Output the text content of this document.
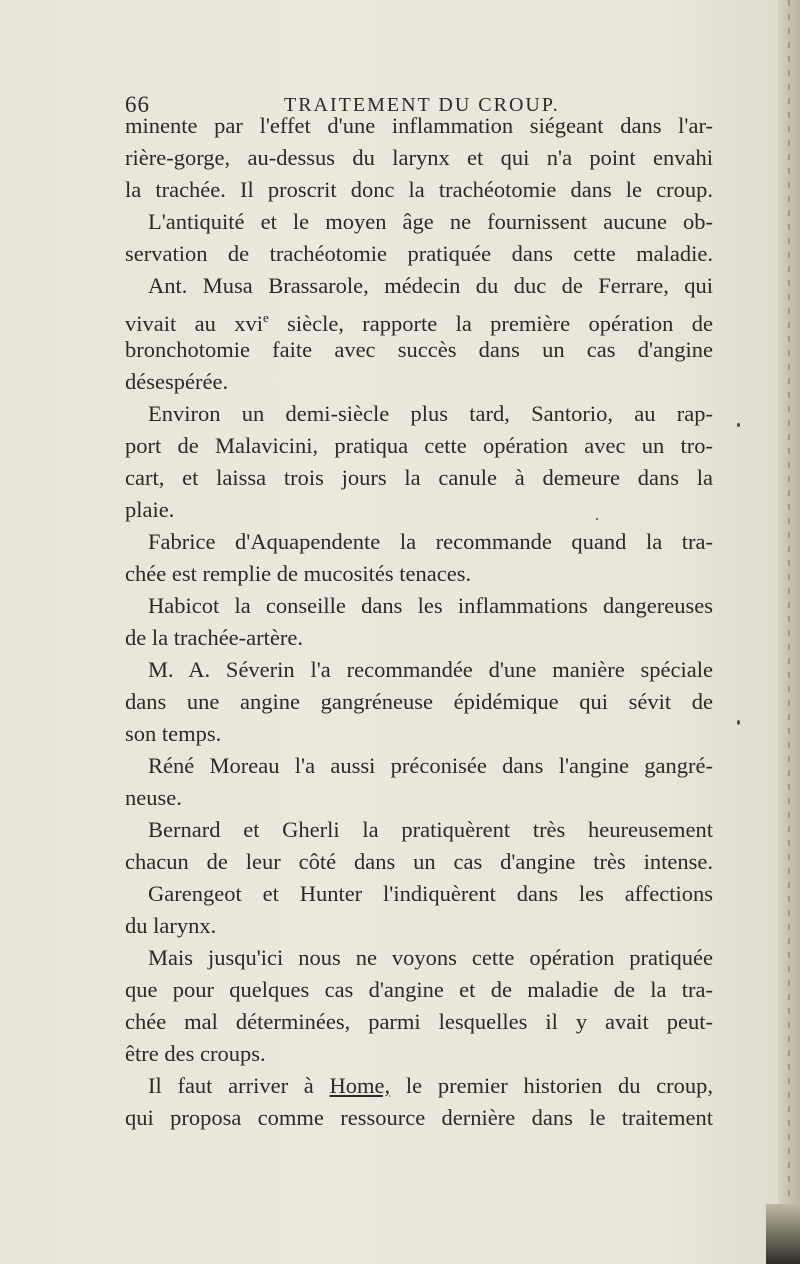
66	TRAITEMENT DU CROUP.
minente par l'effet d'une inflammation siégeant dans l'ar-
rière-gorge, au-dessus du larynx et qui n'a point envahi
la trachée. Il proscrit donc la trachéotomie dans le croup.
L'antiquité et le moyen âge ne fournissent aucune ob-
servation de trachéotomie pratiquée dans cette maladie.
Ant. Musa Brassarole, médecin du duc de Ferrare, qui
vivait au xvi$^e$ siècle, rapporte la première opération de
bronchotomie faite avec succès dans un cas d'angine
désespérée.
Environ un demi-siècle plus tard, Santorio, au rap-
port de Malavicini, pratiqua cette opération avec un tro-
cart, et laissa trois jours la canule à demeure dans la
plaie.
Fabrice d'Aquapendente la recommande quand la tra-
chée est remplie de mucosités tenaces.
Habicot la conseille dans les inflammations dangereuses
de la trachée-artère.
M. A. Séverin l'a recommandée d'une manière spéciale
dans une angine gangréneuse épidémique qui sévit de
son temps.
Réné Moreau l'a aussi préconisée dans l'angine gangré-
neuse.
Bernard et Gherli la pratiquèrent très heureusement
chacun de leur côté dans un cas d'angine très intense.
Garengeot et Hunter l'indiquèrent dans les affections
du larynx.
Mais jusqu'ici nous ne voyons cette opération pratiquée
que pour quelques cas d'angine et de maladie de la tra-
chée mal déterminées, parmi lesquelles il y avait peut-
être des croups.
Il faut arriver à Home, le premier historien du croup,
qui proposa comme ressource dernière dans le traitement
